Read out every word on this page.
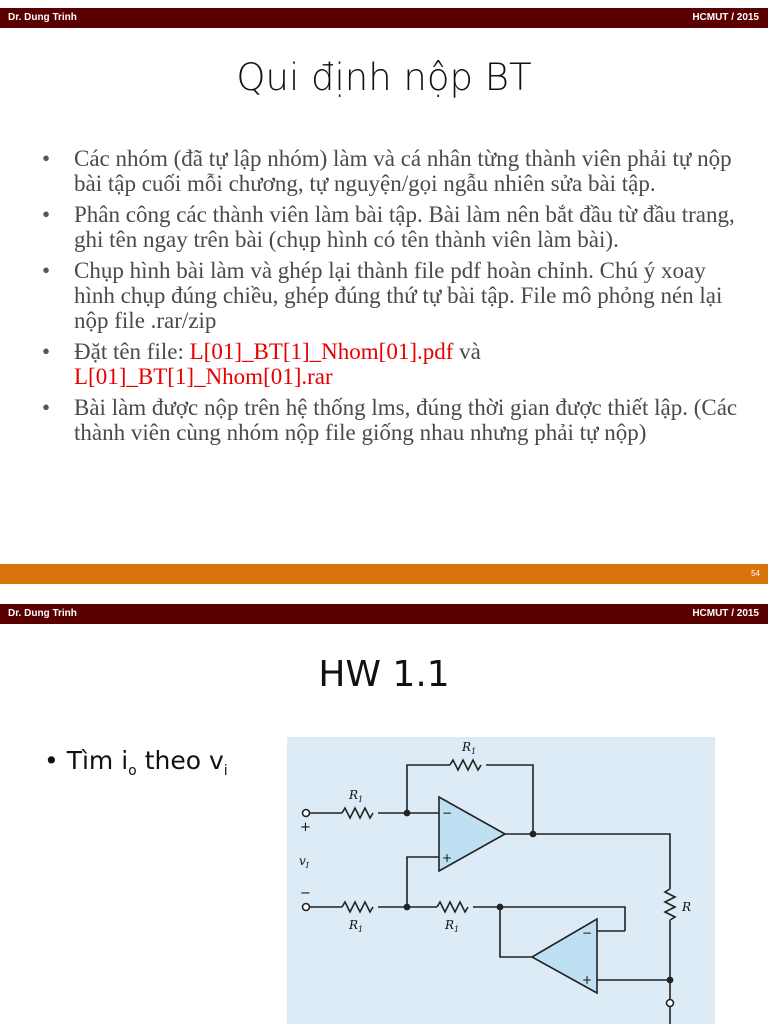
Dr. Dung Trinh	HCMUT / 2015
Qui định nộp BT
• Các nhóm (đã tự lập nhóm) làm và cá nhân từng thành viên phải tự nộp bài tập cuối mỗi chương, tự nguyện/gọi ngẫu nhiên sửa bài tập.
• Phân công các thành viên làm bài tập. Bài làm nên bắt đầu từ đầu trang, ghi tên ngay trên bài (chụp hình có tên thành viên làm bài).
• Chụp hình bài làm và ghép lại thành file pdf hoàn chỉnh. Chú ý xoay hình chụp đúng chiều, ghép đúng thứ tự bài tập. File mô phỏng nén lại nộp file .rar/zip
• Đặt tên file: L[01]_BT[1]_Nhom[01].pdf và
L[01]_BT[1]_Nhom[01].rar
• Bài làm được nộp trên hệ thống lms, đúng thời gian được thiết lập. (Các thành viên cùng nhóm nộp file giống nhau nhưng phải tự nộp)
54
Dr. Dung Trinh	HCMUT / 2015
HW 1.1
• Tìm $i_o$ theo $v_i$
$R_1$
$R_1$
$R_1$	$R_1$
R
$v_I$
+
−
−
+
−
+
